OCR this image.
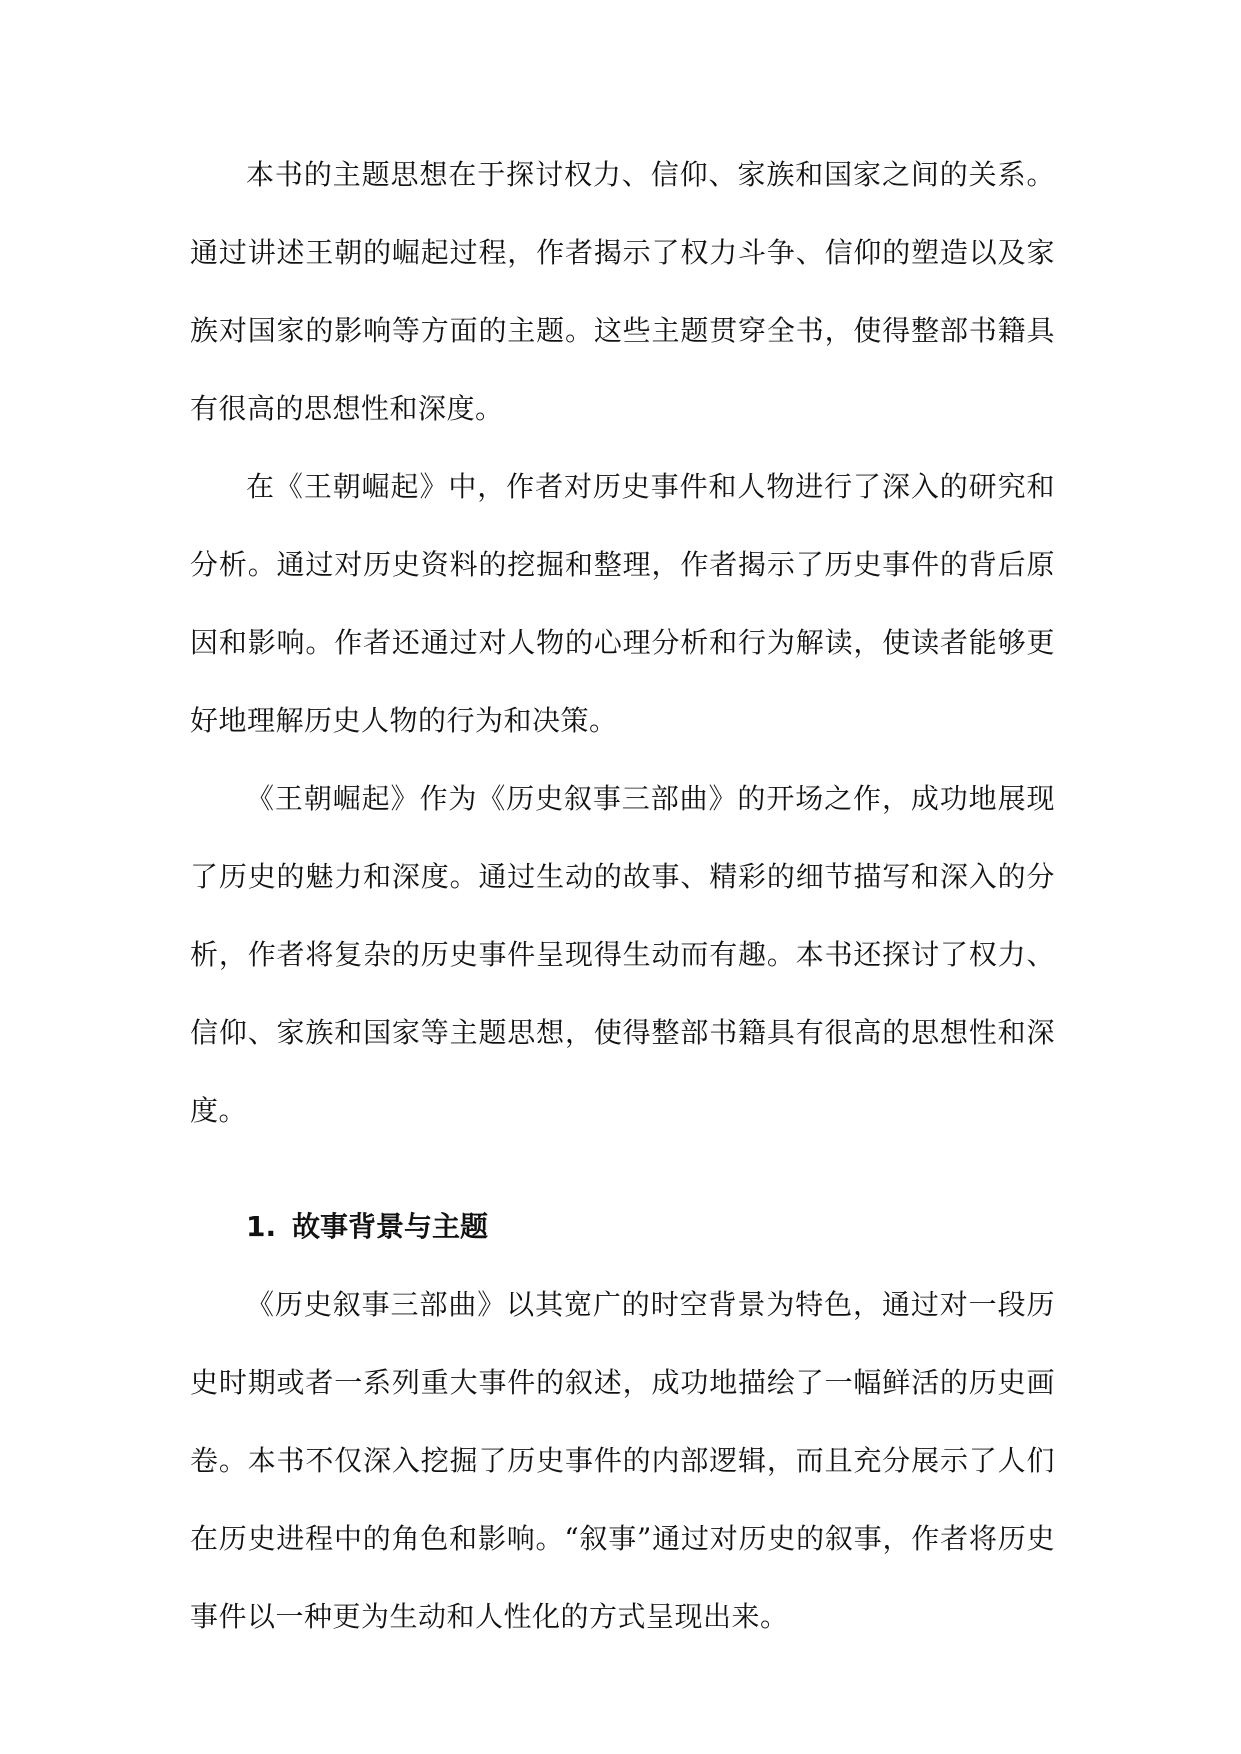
本书的主题思想在于探讨权力、信仰、家族和国家之间的关系。通过讲述王朝的崛起过程，作者揭示了权力斗争、信仰的塑造以及家族对国家的影响等方面的主题。这些主题贯穿全书，使得整部书籍具有很高的思想性和深度。

在《王朝崛起》中，作者对历史事件和人物进行了深入的研究和分析。通过对历史资料的挖掘和整理，作者揭示了历史事件的背后原因和影响。作者还通过对人物的心理分析和行为解读，使读者能够更好地理解历史人物的行为和决策。

《王朝崛起》作为《历史叙事三部曲》的开场之作，成功地展现了历史的魅力和深度。通过生动的故事、精彩的细节描写和深入的分析，作者将复杂的历史事件呈现得生动而有趣。本书还探讨了权力、信仰、家族和国家等主题思想，使得整部书籍具有很高的思想性和深度。

1. 故事背景与主题

《历史叙事三部曲》以其宽广的时空背景为特色，通过对一段历史时期或者一系列重大事件的叙述，成功地描绘了一幅鲜活的历史画卷。本书不仅深入挖掘了历史事件的内部逻辑，而且充分展示了人们在历史进程中的角色和影响。“叙事”通过对历史的叙事，作者将历史事件以一种更为生动和人性化的方式呈现出来。
